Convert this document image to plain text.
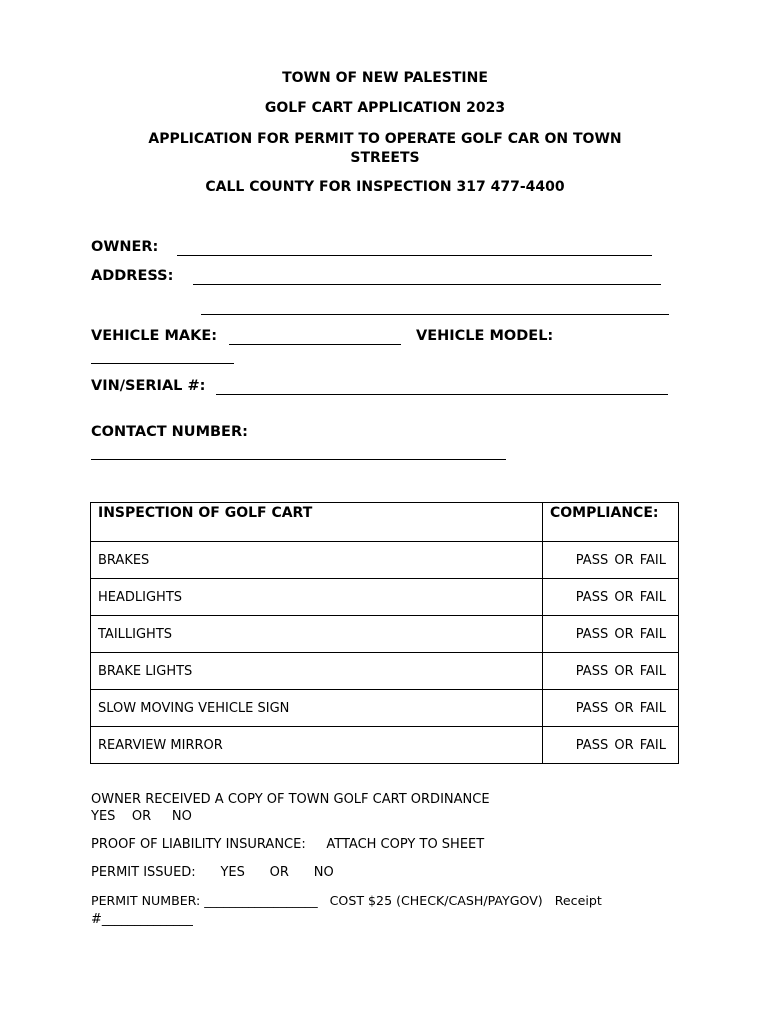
TOWN OF NEW PALESTINE
GOLF CART APPLICATION 2023
APPLICATION FOR PERMIT TO OPERATE GOLF CAR ON TOWN STREETS
CALL COUNTY FOR INSPECTION 317 477-4400
OWNER:
ADDRESS:
VEHICLE MAKE:	VEHICLE MODEL:
VIN/SERIAL #:
CONTACT NUMBER:
INSPECTION OF GOLF CART	COMPLIANCE:
BRAKES	PASS OR FAIL
HEADLIGHTS	PASS OR FAIL
TAILLIGHTS	PASS OR FAIL
BRAKE LIGHTS	PASS OR FAIL
SLOW MOVING VEHICLE SIGN	PASS OR FAIL
REARVIEW MIRROR	PASS OR FAIL
OWNER RECEIVED A COPY OF TOWN GOLF CART ORDINANCE
YES    OR     NO
PROOF OF LIABILITY INSURANCE:     ATTACH COPY TO SHEET
PERMIT ISSUED:      YES      OR      NO
PERMIT NUMBER: __________________   COST $25 (CHECK/CASH/PAYGOV)   Receipt
#______________
